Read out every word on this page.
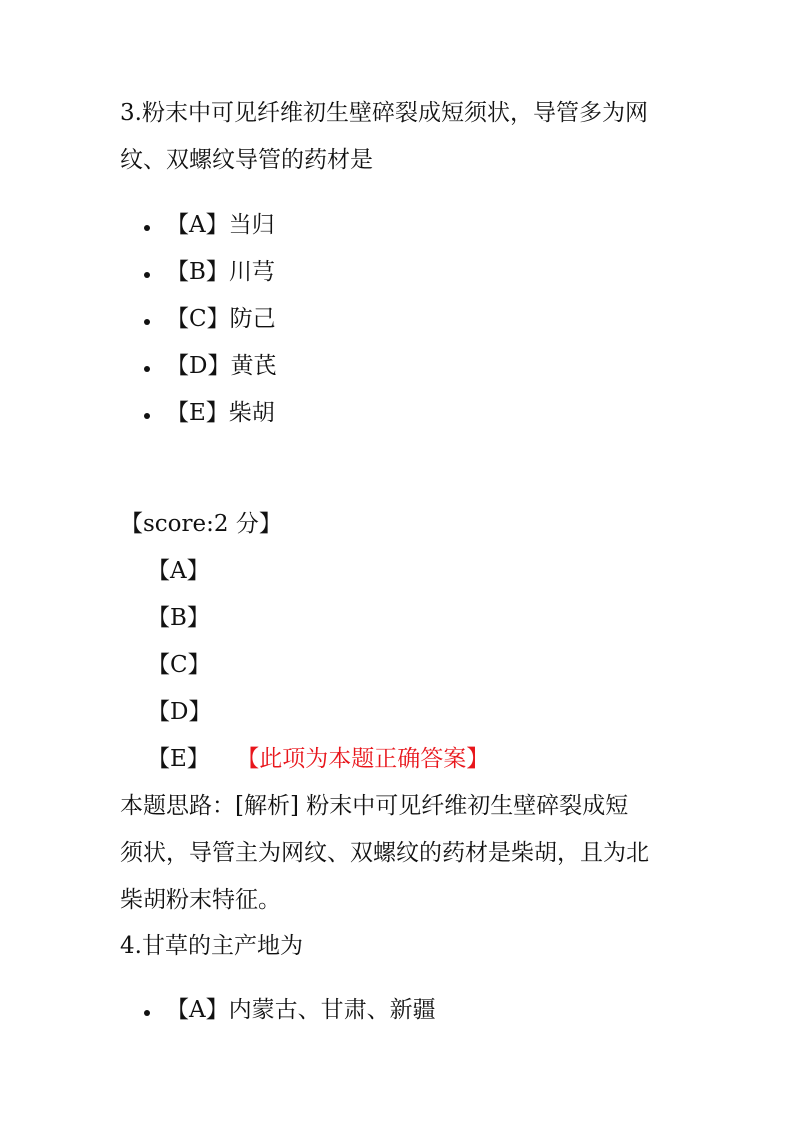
3.粉末中可见纤维初生壁碎裂成短须状，导管多为网
纹、双螺纹导管的药材是
【A】当归
【B】川芎
【C】防己
【D】黄芪
【E】柴胡
【score:2 分】
【A】
【B】
【C】
【D】
【E】 【此项为本题正确答案】
本题思路：[解析] 粉末中可见纤维初生壁碎裂成短
须状，导管主为网纹、双螺纹的药材是柴胡，且为北
柴胡粉末特征。
4.甘草的主产地为
【A】内蒙古、甘肃、新疆
